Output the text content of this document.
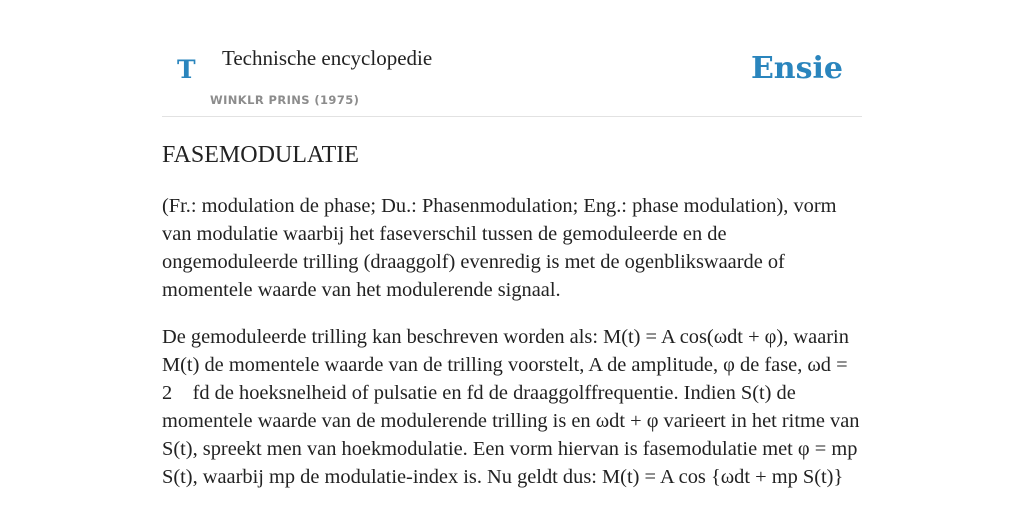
T Technische encyclopedie
WINKLR PRINS (1975)
Ensie
FASEMODULATIE

(Fr.: modulation de phase; Du.: Phasenmodulation; Eng.: phase modulation), vorm van modulatie waarbij het faseverschil tussen de gemoduleerde en de ongemoduleerde trilling (draaggolf) evenredig is met de ogenblikswaarde of momentele waarde van het modulerende signaal.

De gemoduleerde trilling kan beschreven worden als: M(t) = A cos(ωdt + φ), waarin M(t) de momentele waarde van de trilling voorstelt, A de amplitude, φ de fase, ωd = 2 fd de hoeksnelheid of pulsatie en fd de draaggolffrequentie. Indien S(t) de momentele waarde van de modulerende trilling is en ωdt + φ varieert in het ritme van S(t), spreekt men van hoekmodulatie. Een vorm hiervan is fasemodulatie met φ = mp S(t), waarbij mp de modulatie-index is. Nu geldt dus: M(t) = A cos {ωdt + mp S(t)}
